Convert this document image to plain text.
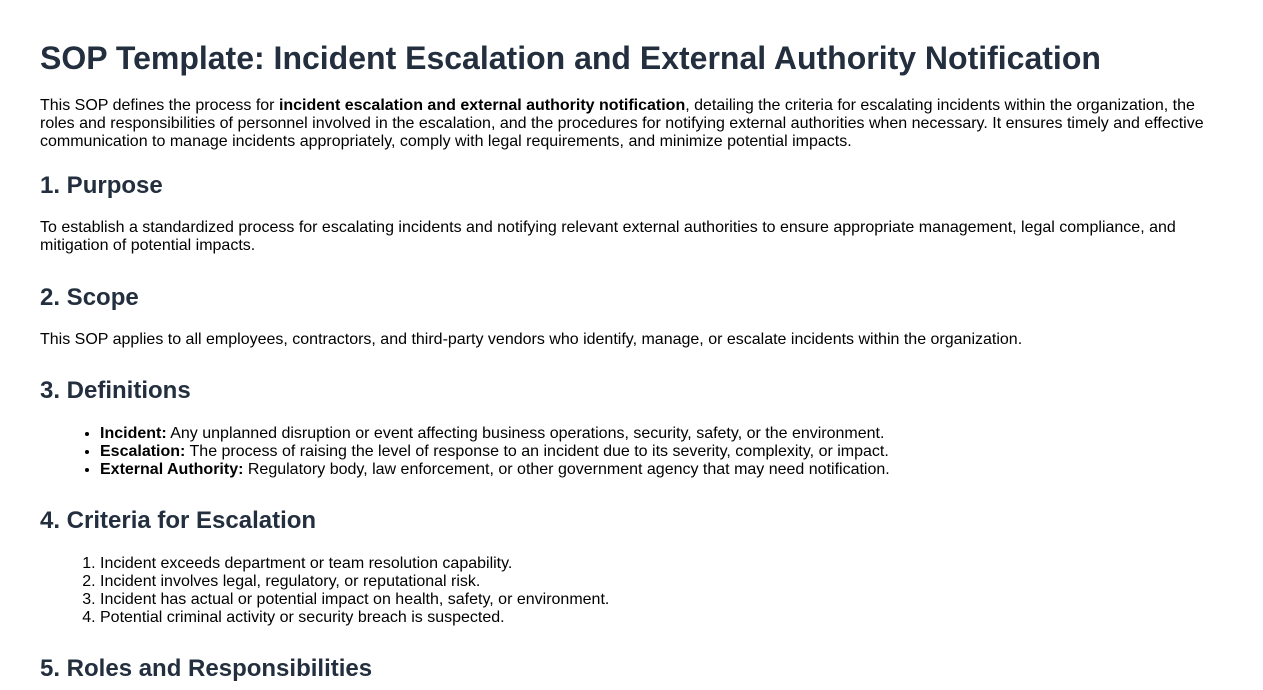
SOP Template: Incident Escalation and External Authority Notification

This SOP defines the process for incident escalation and external authority notification, detailing the criteria for escalating incidents within the organization, the roles and responsibilities of personnel involved in the escalation, and the procedures for notifying external authorities when necessary. It ensures timely and effective communication to manage incidents appropriately, comply with legal requirements, and minimize potential impacts.

1. Purpose

To establish a standardized process for escalating incidents and notifying relevant external authorities to ensure appropriate management, legal compliance, and mitigation of potential impacts.

2. Scope

This SOP applies to all employees, contractors, and third-party vendors who identify, manage, or escalate incidents within the organization.

3. Definitions
• Incident: Any unplanned disruption or event affecting business operations, security, safety, or the environment.
• Escalation: The process of raising the level of response to an incident due to its severity, complexity, or impact.
• External Authority: Regulatory body, law enforcement, or other government agency that may need notification.
4. Criteria for Escalation
1. Incident exceeds department or team resolution capability.
2. Incident involves legal, regulatory, or reputational risk.
3. Incident has actual or potential impact on health, safety, or environment.
4. Potential criminal activity or security breach is suspected.
5. Roles and Responsibilities
